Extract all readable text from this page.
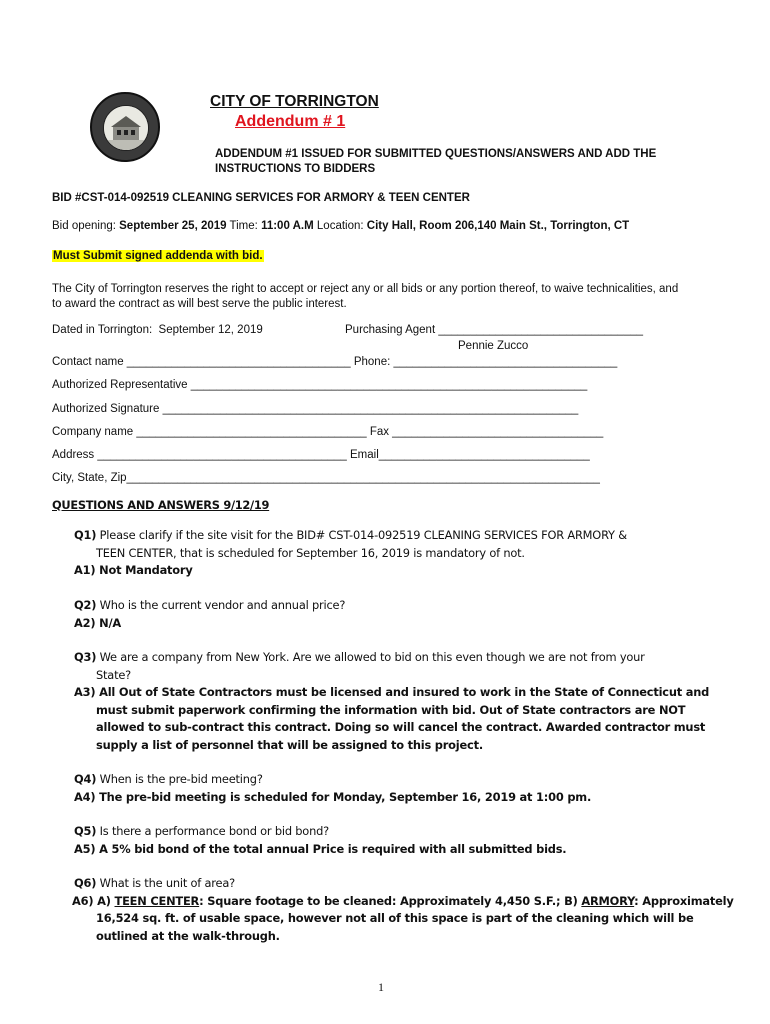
CITY OF TORRINGTON
Addendum # 1
ADDENDUM #1 ISSUED FOR SUBMITTED QUESTIONS/ANSWERS AND ADD THE INSTRUCTIONS TO BIDDERS
BID #CST-014-092519 CLEANING SERVICES FOR ARMORY & TEEN CENTER
Bid opening: September 25, 2019 Time: 11:00 A.M Location: City Hall, Room 206,140 Main St., Torrington, CT
Must Submit signed addenda with bid.
The City of Torrington reserves the right to accept or reject any or all bids or any portion thereof, to waive technicalities, and to award the contract as will best serve the public interest.
Dated in Torrington:  September 12, 2019	Purchasing Agent ________________________________
Pennie Zucco
Contact name ___________________________________ Phone: ___________________________________
Authorized Representative ______________________________________________________________
Authorized Signature _________________________________________________________________
Company name ____________________________________ Fax _________________________________
Address _______________________________________ Email_________________________________
City, State, Zip__________________________________________________________________________
QUESTIONS AND ANSWERS 9/12/19
Q1) Please clarify if the site visit for the BID# CST-014-092519 CLEANING SERVICES FOR ARMORY &
TEEN CENTER, that is scheduled for September 16, 2019 is mandatory of not.
A1) Not Mandatory
Q2) Who is the current vendor and annual price?
A2) N/A
Q3) We are a company from New York. Are we allowed to bid on this even though we are not from your
State?
A3) All Out of State Contractors must be licensed and insured to work in the State of Connecticut and
must submit paperwork confirming the information with bid. Out of State contractors are NOT
allowed to sub-contract this contract. Doing so will cancel the contract. Awarded contractor must
supply a list of personnel that will be assigned to this project.
Q4) When is the pre-bid meeting?
A4) The pre-bid meeting is scheduled for Monday, September 16, 2019 at 1:00 pm.
Q5) Is there a performance bond or bid bond?
A5) A 5% bid bond of the total annual Price is required with all submitted bids.
Q6) What is the unit of area?
A6) A) TEEN CENTER: Square footage to be cleaned: Approximately 4,450 S.F.; B) ARMORY: Approximately
16,524 sq. ft. of usable space, however not all of this space is part of the cleaning which will be
outlined at the walk-through.
1
